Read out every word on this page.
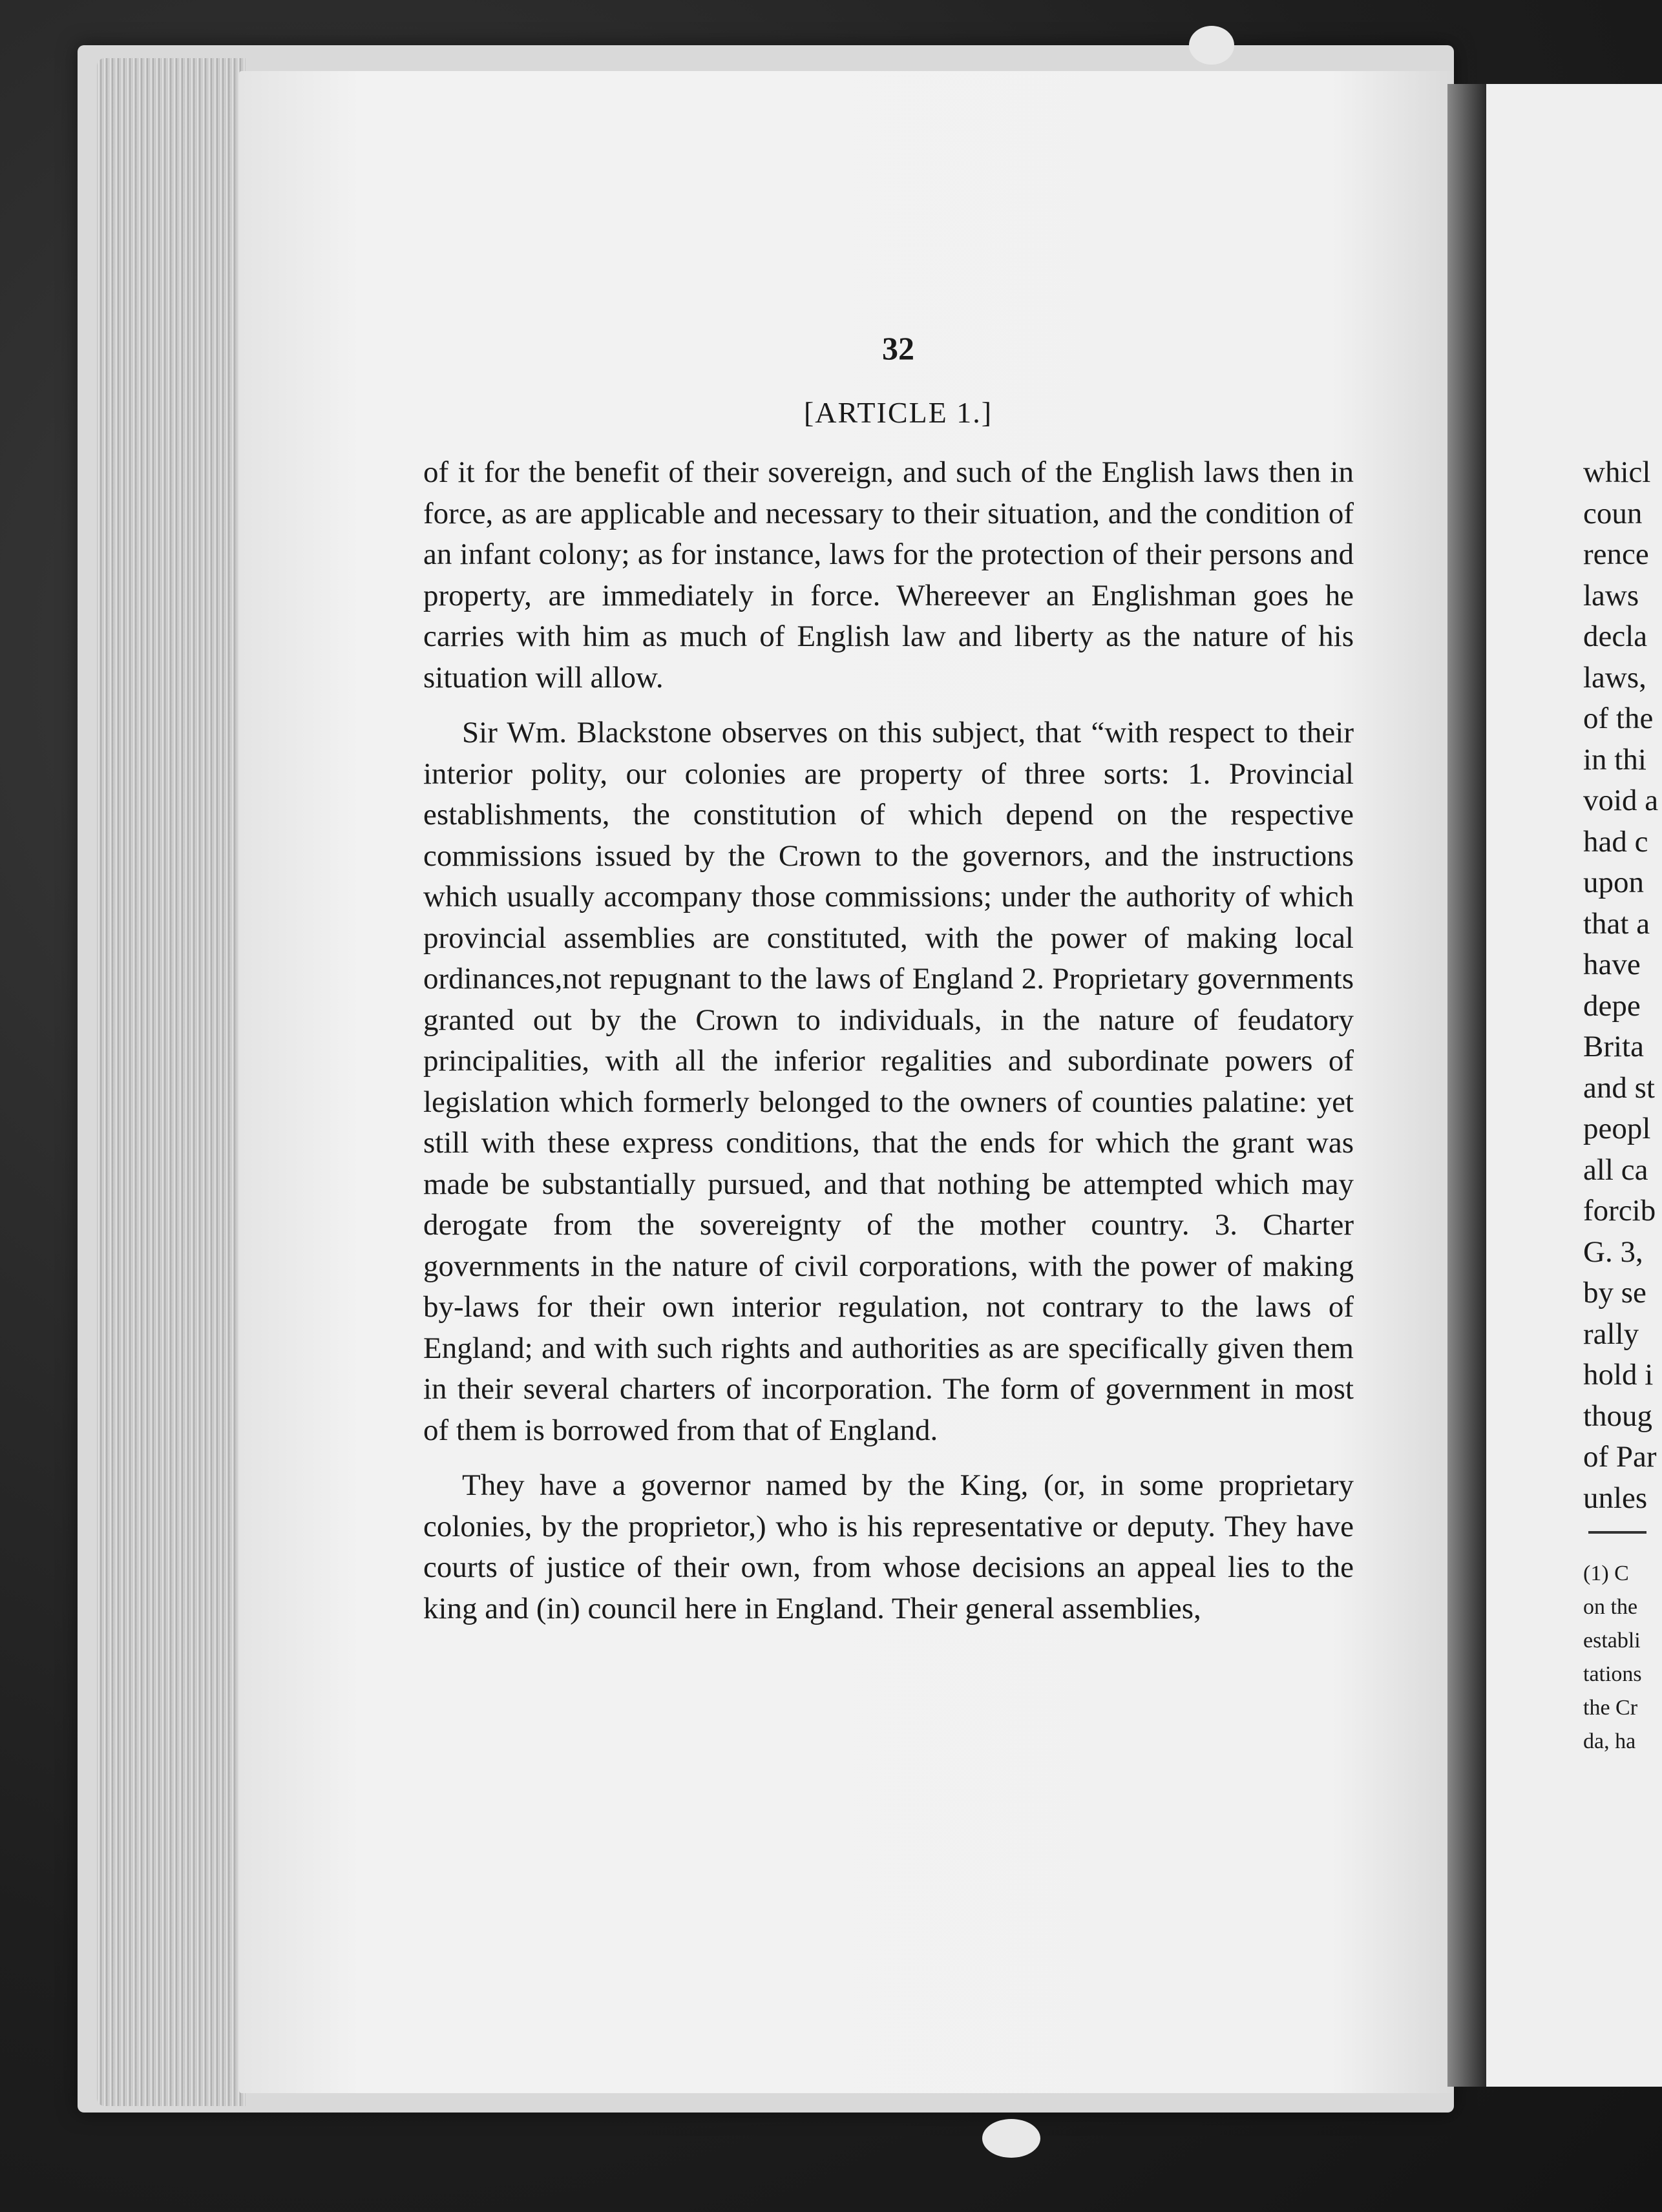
32
[ARTICLE 1.]

of it for the benefit of their sovereign, and such of the English laws then in force, as are applicable and necessary to their situation, and the condition of an infant colony; as for instance, laws for the protection of their persons and property, are immediately in force. Whereever an Englishman goes he carries with him as much of English law and liberty as the nature of his situation will allow.

Sir Wm. Blackstone observes on this subject, that “with respect to their interior polity, our colonies are property of three sorts: 1. Provincial establishments, the constitution of which depend on the respective commissions issued by the Crown to the governors, and the instructions which usually accompany those commissions; under the authority of which provincial assemblies are constituted, with the power of making local ordinances,not repugnant to the laws of England 2. Proprietary governments granted out by the Crown to individuals, in the nature of feudatory principalities, with all the inferior regalities and subordinate powers of legislation which formerly belonged to the owners of counties palatine: yet still with these express conditions, that the ends for which the grant was made be substantially pursued, and that nothing be attempted which may derogate from the sovereignty of the mother country. 3. Charter governments in the nature of civil corporations, with the power of making by-laws for their own interior regulation, not contrary to the laws of England; and with such rights and authorities as are specifically given them in their several charters of incorporation. The form of government in most of them is borrowed from that of England.

They have a governor named by the King, (or, in some proprietary colonies, by the proprietor,) who is his representative or deputy. They have courts of justice of their own, from whose decisions an appeal lies to the king and (in) council here in England. Their general assemblies,

whicl
coun
rence
laws
decla
laws,
of the
in thi
void a
had c
upon
that a
have
depe
Brita
and st
peopl
all ca
forcib
G. 3,
by se
rally
hold i
thoug
of Par
unles
(1) C
on the
establi
tations
the Cr
da, ha
